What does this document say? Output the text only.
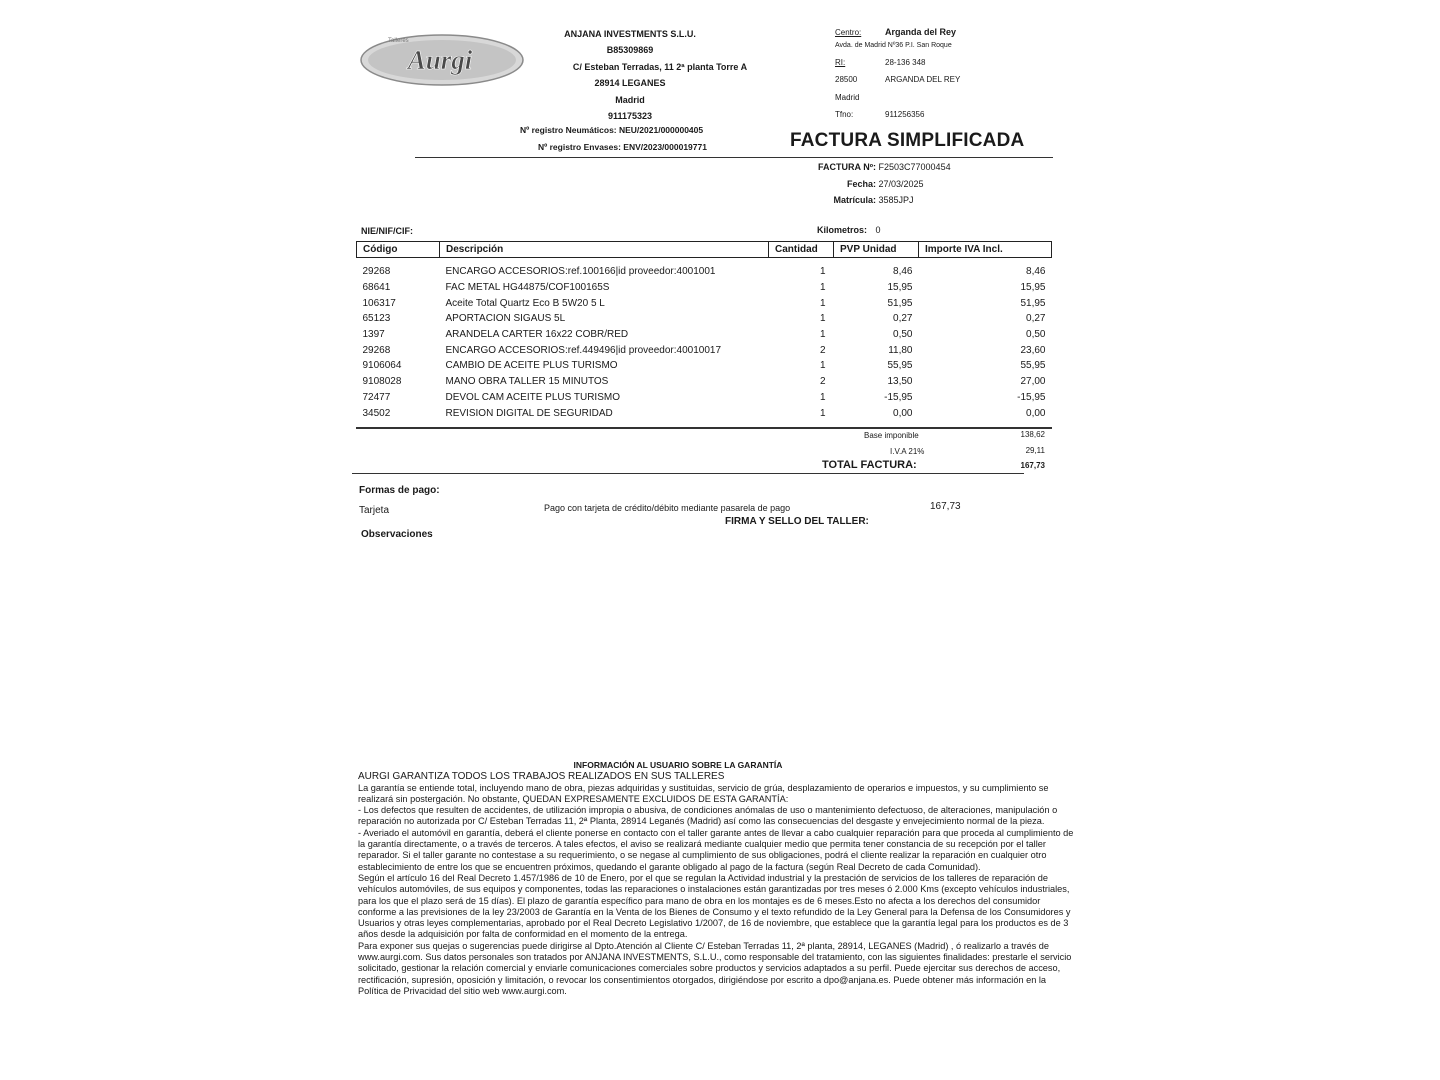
Talleres
Aurgi
ANJANA INVESTMENTS S.L.U.
B85309869
C/ Esteban Terradas, 11 2ª planta Torre A
28914 LEGANES
Madrid
911175323
Nº registro Neumáticos: NEU/2021/000000405
Nº registro Envases: ENV/2023/000019771
Centro:	Arganda del Rey
Avda. de Madrid Nº36 P.I. San Roque
RI:	28-136 348
28500	ARGANDA DEL REY
Madrid
Tfno:	911256356
FACTURA SIMPLIFICADA
FACTURA Nº: F2503C77000454
Fecha: 27/03/2025
Matrícula: 3585JPJ
NIE/NIF/CIF:	Kilometros: 0
Código	Descripción	Cantidad	PVP Unidad	Importe IVA Incl.
29268	ENCARGO ACCESORIOS:ref.100166|id proveedor:4001001	1	8,46	8,46
68641	FAC METAL HG44875/COF100165S	1	15,95	15,95
106317	Aceite Total Quartz Eco B 5W20 5 L	1	51,95	51,95
65123	APORTACION SIGAUS 5L	1	0,27	0,27
1397	ARANDELA CARTER 16x22 COBR/RED	1	0,50	0,50
29268	ENCARGO ACCESORIOS:ref.449496|id proveedor:40010017	2	11,80	23,60
9106064	CAMBIO DE ACEITE PLUS TURISMO	1	55,95	55,95
9108028	MANO OBRA TALLER 15 MINUTOS	2	13,50	27,00
72477	DEVOL CAM ACEITE PLUS TURISMO	1	-15,95	-15,95
34502	REVISION DIGITAL DE SEGURIDAD	1	0,00	0,00
Base imponible	138,62
I.V.A 21%	29,11
TOTAL FACTURA:	167,73
Formas de pago:
Tarjeta	Pago con tarjeta de crédito/débito mediante pasarela de pago	167,73
FIRMA Y SELLO DEL TALLER:
Observaciones
INFORMACIÓN AL USUARIO SOBRE LA GARANTÍA
AURGI GARANTIZA TODOS LOS TRABAJOS REALIZADOS EN SUS TALLERES

La garantía se entiende total, incluyendo mano de obra, piezas adquiridas y sustituidas, servicio de grúa, desplazamiento de operarios e impuestos, y su cumplimiento se realizará sin postergación. No obstante, QUEDAN EXPRESAMENTE EXCLUIDOS DE ESTA GARANTÍA:

- Los defectos que resulten de accidentes, de utilización impropia o abusiva, de condiciones anómalas de uso o mantenimiento defectuoso, de alteraciones, manipulación o reparación no autorizada por C/ Esteban Terradas 11, 2ª Planta, 28914 Leganés (Madrid) así como las consecuencias del desgaste y envejecimiento normal de la pieza.

- Averiado el automóvil en garantía, deberá el cliente ponerse en contacto con el taller garante antes de llevar a cabo cualquier reparación para que proceda al cumplimiento de la garantía directamente, o a través de terceros. A tales efectos, el aviso se realizará mediante cualquier medio que permita tener constancia de su recepción por el taller reparador. Si el taller garante no contestase a su requerimiento, o se negase al cumplimiento de sus obligaciones, podrá el cliente realizar la reparación en cualquier otro establecimiento de entre los que se encuentren próximos, quedando el garante obligado al pago de la factura (según Real Decreto de cada Comunidad).

Según el artículo 16 del Real Decreto 1.457/1986 de 10 de Enero, por el que se regulan la Actividad industrial y la prestación de servicios de los talleres de reparación de vehículos automóviles, de sus equipos y componentes, todas las reparaciones o instalaciones están garantizadas por tres meses ó 2.000 Kms (excepto vehículos industriales, para los que el plazo será de 15 días). El plazo de garantía específico para mano de obra en los montajes es de 6 meses.Esto no afecta a los derechos del consumidor conforme a las previsiones de la ley 23/2003 de Garantía en la Venta de los Bienes de Consumo y el texto refundido de la Ley General para la Defensa de los Consumidores y Usuarios y otras leyes complementarias, aprobado por el Real Decreto Legislativo 1/2007, de 16 de noviembre, que establece que la garantía legal para los productos es de 3 años desde la adquisición por falta de conformidad en el momento de la entrega.

Para exponer sus quejas o sugerencias puede dirigirse al Dpto.Atención al Cliente C/ Esteban Terradas 11, 2ª planta, 28914, LEGANES (Madrid) , ó realizarlo a través de www.aurgi.com. Sus datos personales son tratados por ANJANA INVESTMENTS, S.L.U., como responsable del tratamiento, con las siguientes finalidades: prestarle el servicio solicitado, gestionar la relación comercial y enviarle comunicaciones comerciales sobre productos y servicios adaptados a su perfil. Puede ejercitar sus derechos de acceso, rectificación, supresión, oposición y limitación, o revocar los consentimientos otorgados, dirigiéndose por escrito a dpo@anjana.es. Puede obtener más información en la Política de Privacidad del sitio web www.aurgi.com.
